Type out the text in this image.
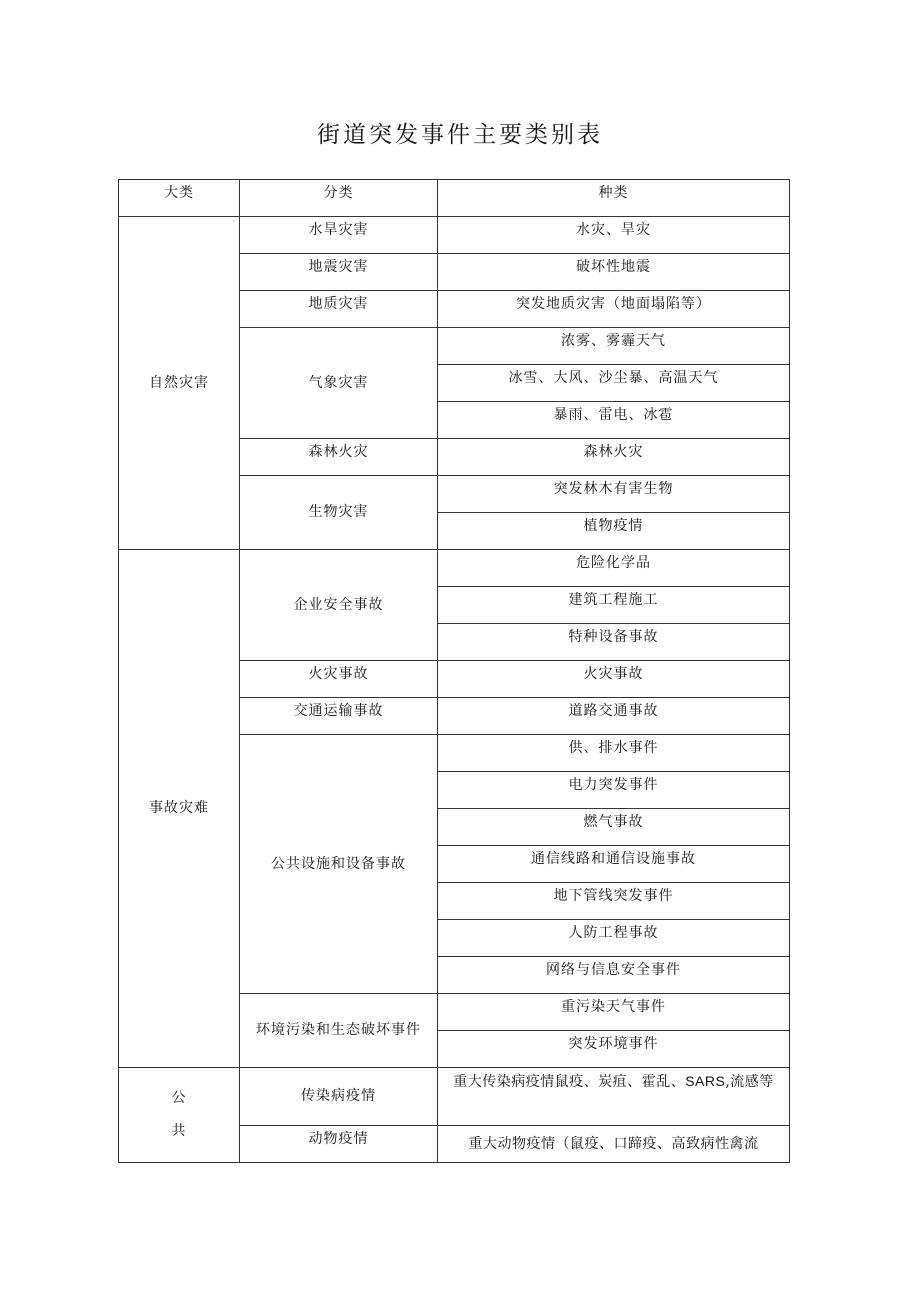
街道突发事件主要类别表
大类	分类	种类
自然灾害	水旱灾害	水灾、旱灾
	地震灾害	破坏性地震
	地质灾害	突发地质灾害（地面塌陷等）
	气象灾害	浓雾、雾霾天气
		冰雪、大风、沙尘暴、高温天气
		暴雨、雷电、冰雹
	森林火灾	森林火灾
	生物灾害	突发林木有害生物
		植物疫情
事故灾难	企业安全事故	危险化学品
		建筑工程施工
		特种设备事故
	火灾事故	火灾事故
	交通运输事故	道路交通事故
	公共设施和设备事故	供、排水事件
		电力突发事件
		燃气事故
		通信线路和通信设施事故
		地下管线突发事件
		人防工程事故
		网络与信息安全事件
	环境污染和生态破坏事件	重污染天气事件
		突发环境事件

公
共	传染病疫情	重大传染病疫情鼠疫、炭疽、霍乱、SARS,流感等
	动物疫情	重大动物疫情（鼠疫、口蹄疫、高致病性禽流
